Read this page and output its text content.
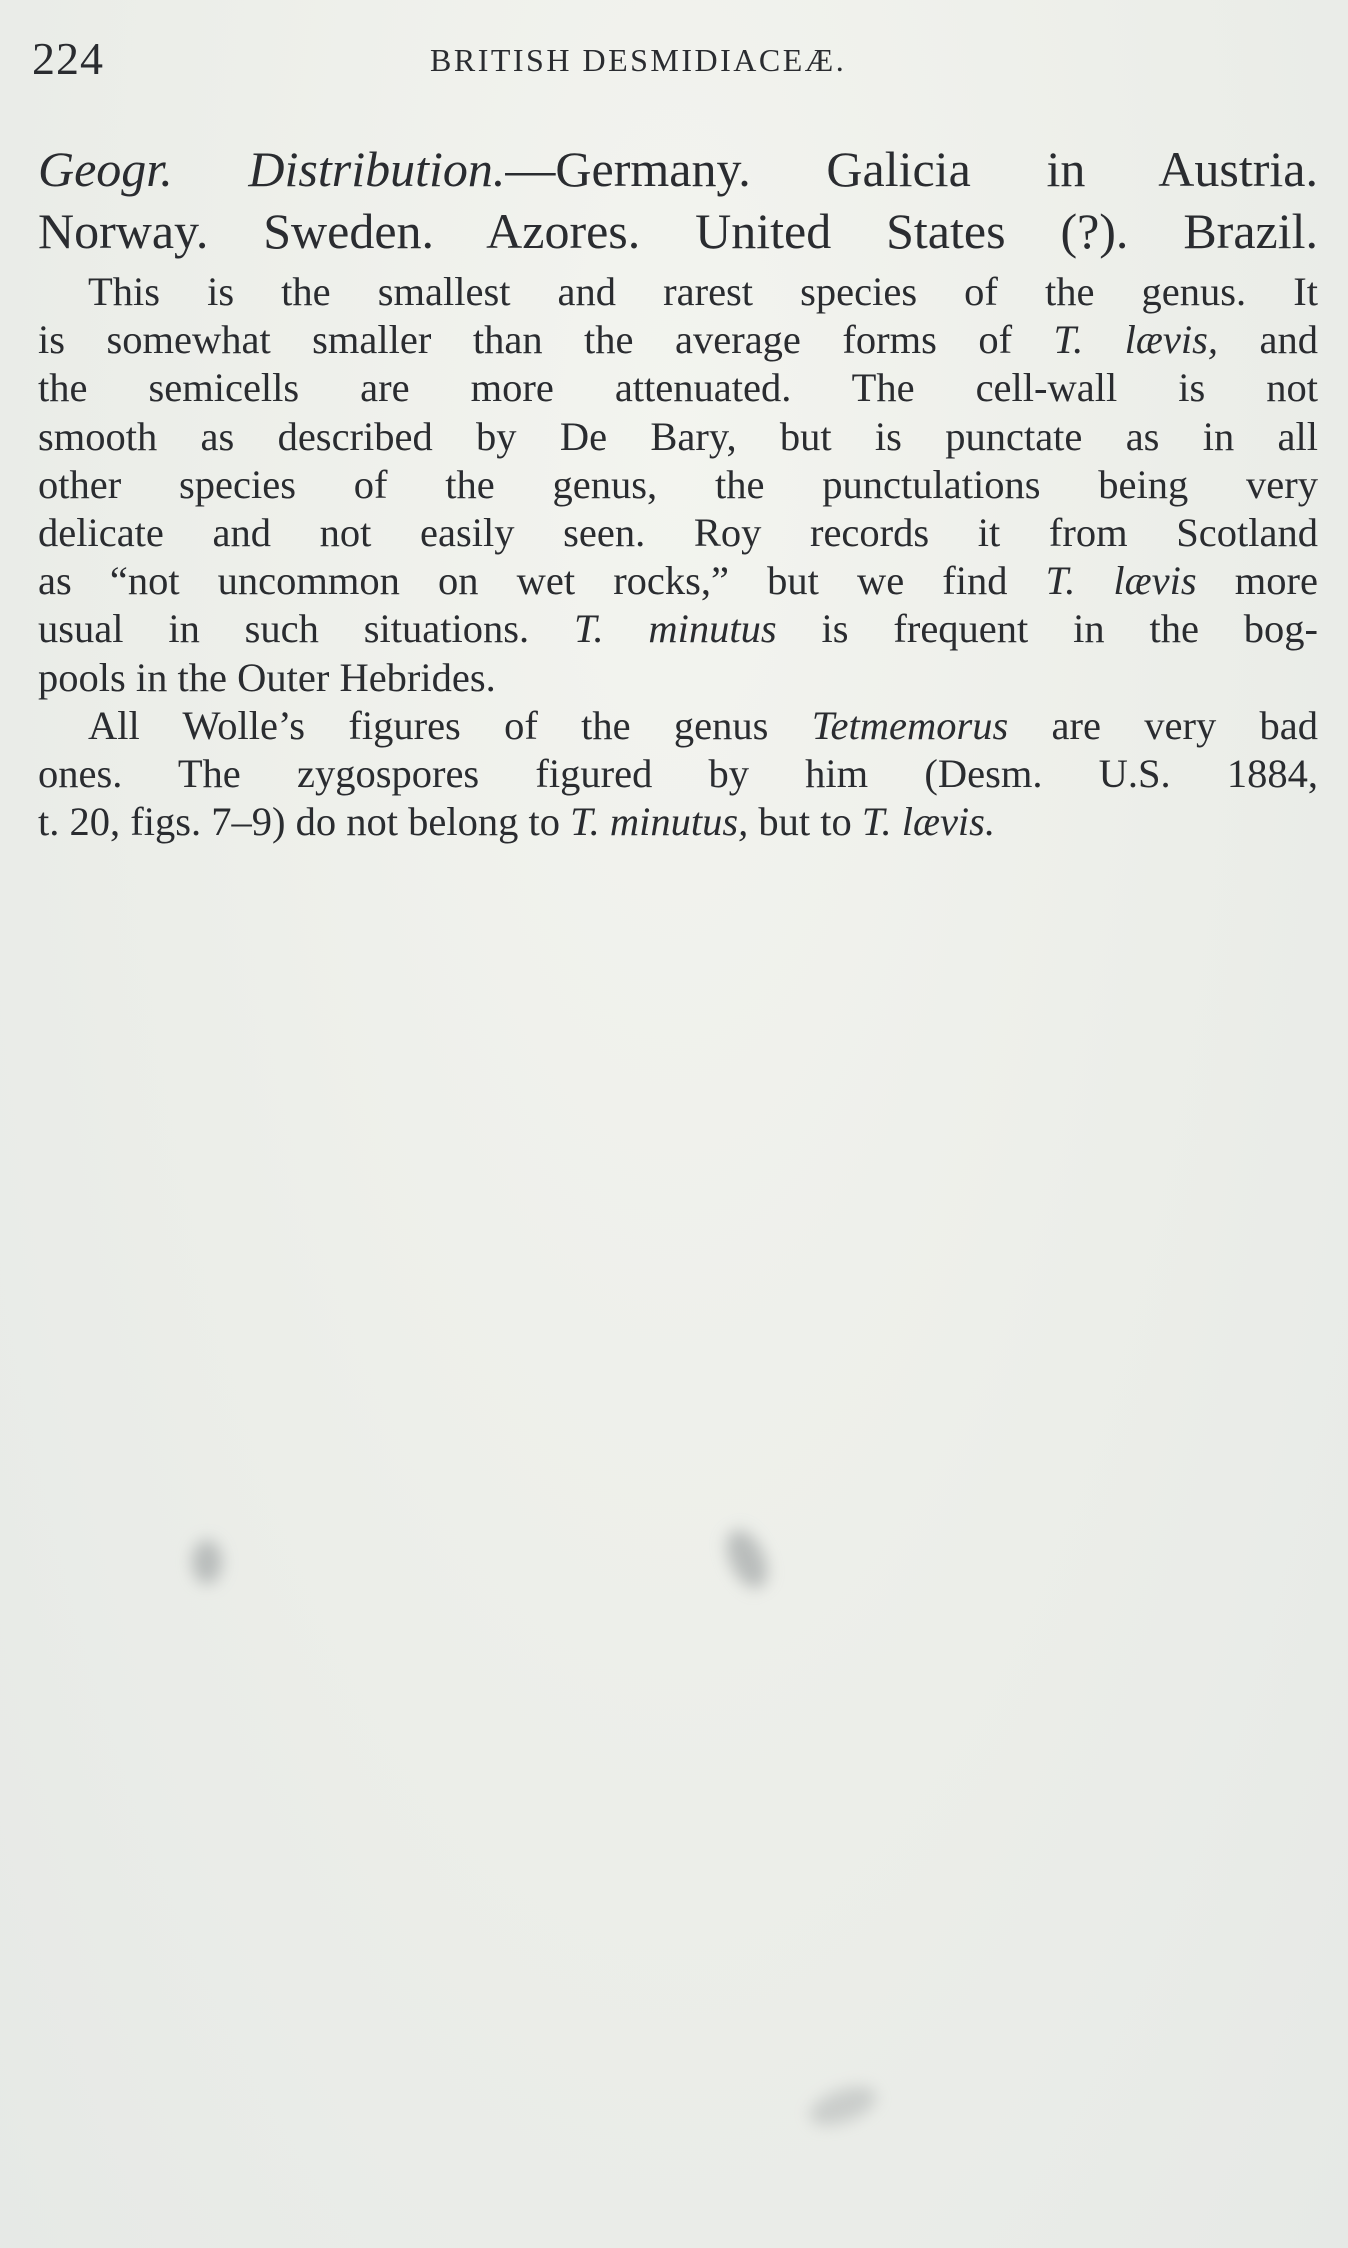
224	BRITISH DESMIDIACEÆ.
Geogr. Distribution.—Germany. Galicia in Austria.
Norway. Sweden. Azores. United States (?). Brazil.
This is the smallest and rarest species of the genus. It
is somewhat smaller than the average forms of T. lævis, and
the semicells are more attenuated. The cell-wall is not
smooth as described by De Bary, but is punctate as in all
other species of the genus, the punctulations being very
delicate and not easily seen. Roy records it from Scotland
as “not uncommon on wet rocks,” but we find T. lævis more
usual in such situations. T. minutus is frequent in the bog-
pools in the Outer Hebrides.
All Wolle’s figures of the genus Tetmemorus are very bad
ones. The zygospores figured by him (Desm. U.S. 1884,
t. 20, figs. 7–9) do not belong to T. minutus, but to T. lævis.
